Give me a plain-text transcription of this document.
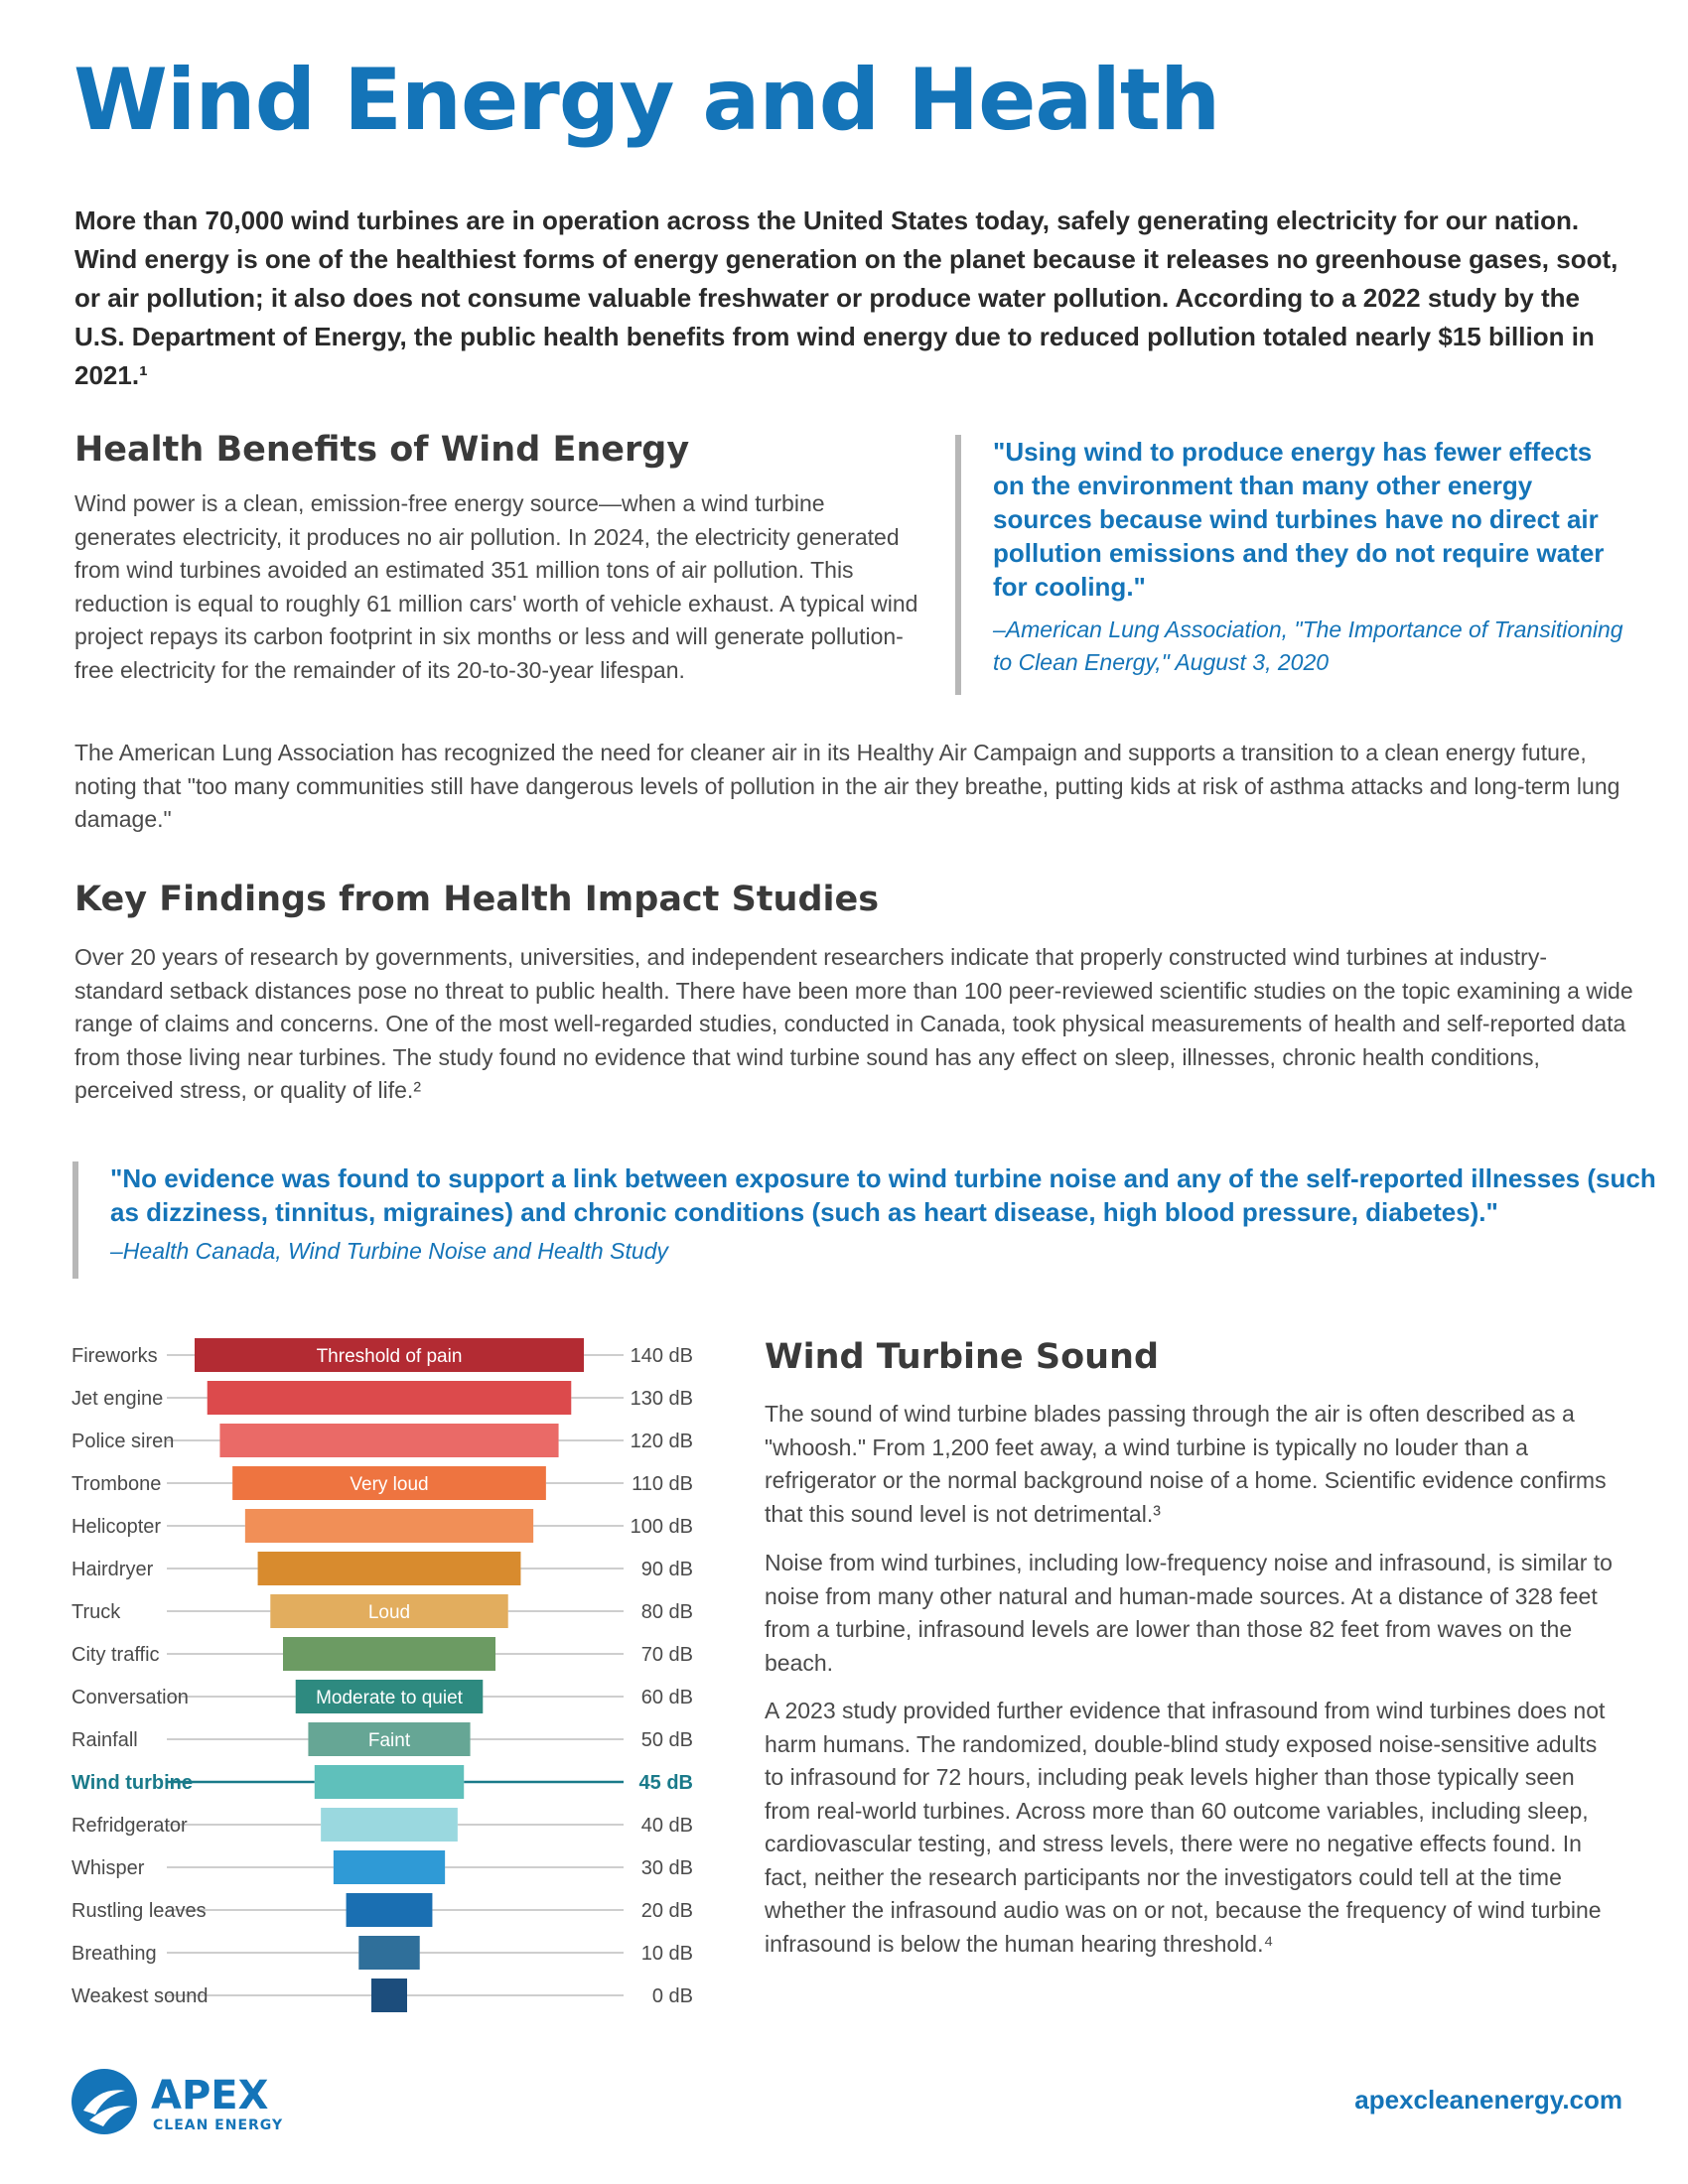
Wind Energy and Health

More than 70,000 wind turbines are in operation across the United States today, safely generating electricity for our nation. Wind energy is one of the healthiest forms of energy generation on the planet because it releases no greenhouse gases, soot, or air pollution; it also does not consume valuable freshwater or produce water pollution. According to a 2022 study by the U.S. Department of Energy, the public health benefits from wind energy due to reduced pollution totaled nearly $15 billion in 2021.¹

Health Benefits of Wind Energy

Wind power is a clean, emission-free energy source—when a wind turbine generates electricity, it produces no air pollution. In 2024, the electricity generated from wind turbines avoided an estimated 351 million tons of air pollution. This reduction is equal to roughly 61 million cars' worth of vehicle exhaust. A typical wind project repays its carbon footprint in six months or less and will generate pollution-free electricity for the remainder of its 20-to-30-year lifespan.

"Using wind to produce energy has fewer effects on the environment than many other energy sources because wind turbines have no direct air pollution emissions and they do not require water for cooling."

–American Lung Association, "The Importance of Transitioning to Clean Energy," August 3, 2020

The American Lung Association has recognized the need for cleaner air in its Healthy Air Campaign and supports a transition to a clean energy future, noting that "too many communities still have dangerous levels of pollution in the air they breathe, putting kids at risk of asthma attacks and long-term lung damage."

Key Findings from Health Impact Studies

Over 20 years of research by governments, universities, and independent researchers indicate that properly constructed wind turbines at industry-standard setback distances pose no threat to public health. There have been more than 100 peer-reviewed scientific studies on the topic examining a wide range of claims and concerns. One of the most well-regarded studies, conducted in Canada, took physical measurements of health and self-reported data from those living near turbines. The study found no evidence that wind turbine sound has any effect on sleep, illnesses, chronic health conditions, perceived stress, or quality of life.²

"No evidence was found to support a link between exposure to wind turbine noise and any of the self-reported illnesses (such as dizziness, tinnitus, migraines) and chronic conditions (such as heart disease, high blood pressure, diabetes)."

–Health Canada, Wind Turbine Noise and Health Study

Fireworks	140 dB
Threshold of pain
Jet engine	130 dB
Police siren	120 dB
Trombone	110 dB
Very loud
Helicopter	100 dB
Hairdryer	90 dB
Truck	80 dB
Loud
City traffic	70 dB
Conversation	60 dB
Moderate to quiet
Rainfall	50 dB
Faint
Wind turbine	45 dB
Refridgerator	40 dB
Whisper	30 dB
Rustling leaves	20 dB
Breathing	10 dB
Weakest sound	0 dB
Wind Turbine Sound

The sound of wind turbine blades passing through the air is often described as a "whoosh." From 1,200 feet away, a wind turbine is typically no louder than a refrigerator or the normal background noise of a home. Scientific evidence confirms that this sound level is not detrimental.³

Noise from wind turbines, including low-frequency noise and infrasound, is similar to noise from many other natural and human-made sources. At a distance of 328 feet from a turbine, infrasound levels are lower than those 82 feet from waves on the beach.

A 2023 study provided further evidence that infrasound from wind turbines does not harm humans. The randomized, double-blind study exposed noise-sensitive adults to infrasound for 72 hours, including peak levels higher than those typically seen from real-world turbines. Across more than 60 outcome variables, including sleep, cardiovascular testing, and stress levels, there were no negative effects found. In fact, neither the research participants nor the investigators could tell at the time whether the infrasound audio was on or not, because the frequency of wind turbine infrasound is below the human hearing threshold.⁴

APEX
CLEAN ENERGY
apexcleanenergy.com
